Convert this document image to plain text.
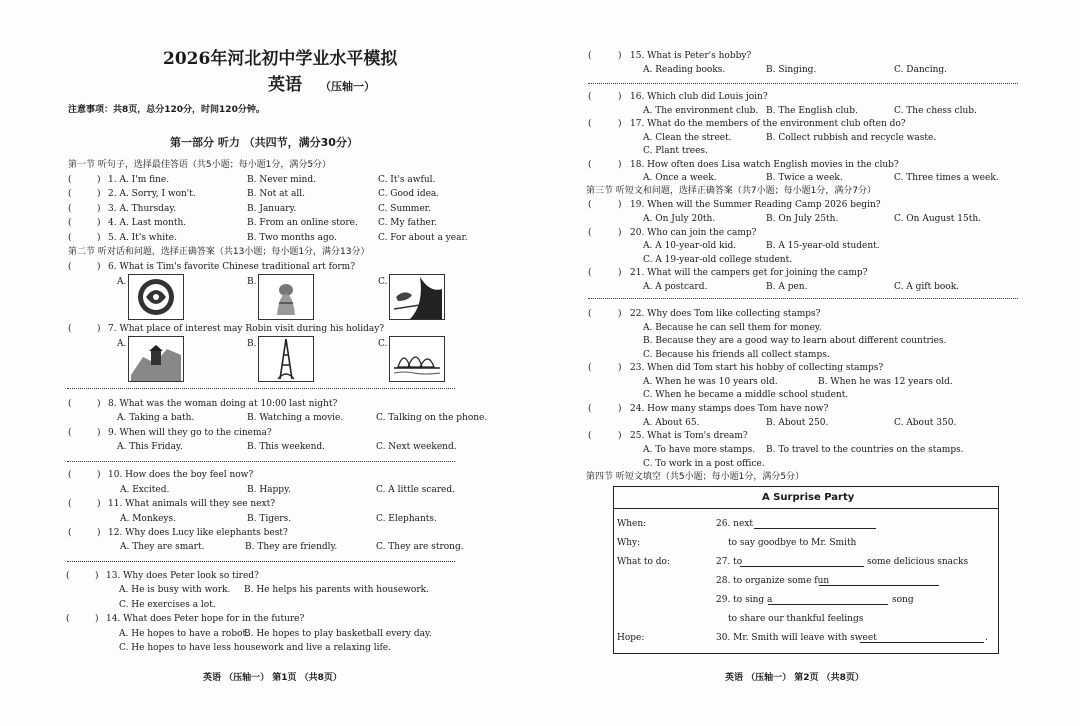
2026年河北初中学业水平模拟
英语 （压轴一）
注意事项：共8页，总分120分，时间120分钟。
第一部分 听力 （共四节，满分30分）
第一节 听句子，选择最佳答语（共5小题；每小题1分，满分5分）
(	) 1. A. I'm fine.	B. Never mind.	C. It's awful.
(	) 2. A. Sorry, I won't.	B. Not at all.	C. Good idea.
(	) 3. A. Thursday.	B. January.	C. Summer.
(	) 4. A. Last month.	B. From an online store. C. My father.
(	) 5. A. It's white.	B. Two months ago.	C. For about a year.
第二节 听对话和问题，选择正确答案（共13小题；每小题1分，满分13分）
(	) 6. What is Tim's favorite Chinese traditional art form?
A.	B.	C.
(	) 7. What place of interest may Robin visit during his holiday?
A.	B.	C.
(	) 8. What was the woman doing at 10:00 last night?
A. Taking a bath.	B. Watching a movie.	C. Talking on the phone.
(	) 9. When will they go to the cinema?
A. This Friday.	B. This weekend.	C. Next weekend.
(	) 10. How does the boy feel now?
A. Excited.	B. Happy.	C. A little scared.
(	) 11. What animals will they see next?
A. Monkeys.	B. Tigers.	C. Elephants.
(	) 12. Why does Lucy like elephants best?
A. They are smart.	B. They are friendly.	C. They are strong.
(	) 13. Why does Peter look so tired?
A. He is busy with work. B. He helps his parents with housework.
C. He exercises a lot.
(	) 14. What does Peter hope for in the future?
A. He hopes to have a robot.
B. He hopes to play basketball every day.
C. He hopes to have less housework and live a relaxing life.
英语 （压轴一） 第1页 （共8页）
(	) 15. What is Peter's hobby?
A. Reading books.	B. Singing.	C. Dancing.
(	) 16. Which club did Louis join?
A. The environment club. B. The English club.	C. The chess club.
(	) 17. What do the members of the environment club often do?
A. Clean the street.	B. Collect rubbish and recycle waste.
C. Plant trees.
(	) 18. How often does Lisa watch English movies in the club?
A. Once a week.	B. Twice a week.	C. Three times a week.
第三节 听短文和问题，选择正确答案（共7小题；每小题1分，满分7分）
(	) 19. When will the Summer Reading Camp 2026 begin?
A. On July 20th.	B. On July 25th.	C. On August 15th.
(	) 20. Who can join the camp?
A. A 10-year-old kid.	B. A 15-year-old student.
C. A 19-year-old college student.
(	) 21. What will the campers get for joining the camp?
A. A postcard.	B. A pen.	C. A gift book.
(	) 22. Why does Tom like collecting stamps?
A. Because he can sell them for money.
B. Because they are a good way to learn about different countries.
C. Because his friends all collect stamps.
(	) 23. When did Tom start his hobby of collecting stamps?
A. When he was 10 years old.	B. When he was 12 years old.
C. When he became a middle school student.
(	) 24. How many stamps does Tom have now?
A. About 65.	B. About 250.	C. About 350.
(	) 25. What is Tom's dream?
A. To have more stamps. B. To travel to the countries on the stamps.
C. To work in a post office.
第四节 听短文填空（共5小题；每小题1分，满分5分）
A Surprise Party
When:	26. next
Why:	to say goodbye to Mr. Smith
What to do:	27. to	some delicious snacks
28. to organize some fun
29. to sing a	song
to share our thankful feelings
Hope:	30. Mr. Smith will leave with sweet	.
英语 （压轴一） 第2页 （共8页）
